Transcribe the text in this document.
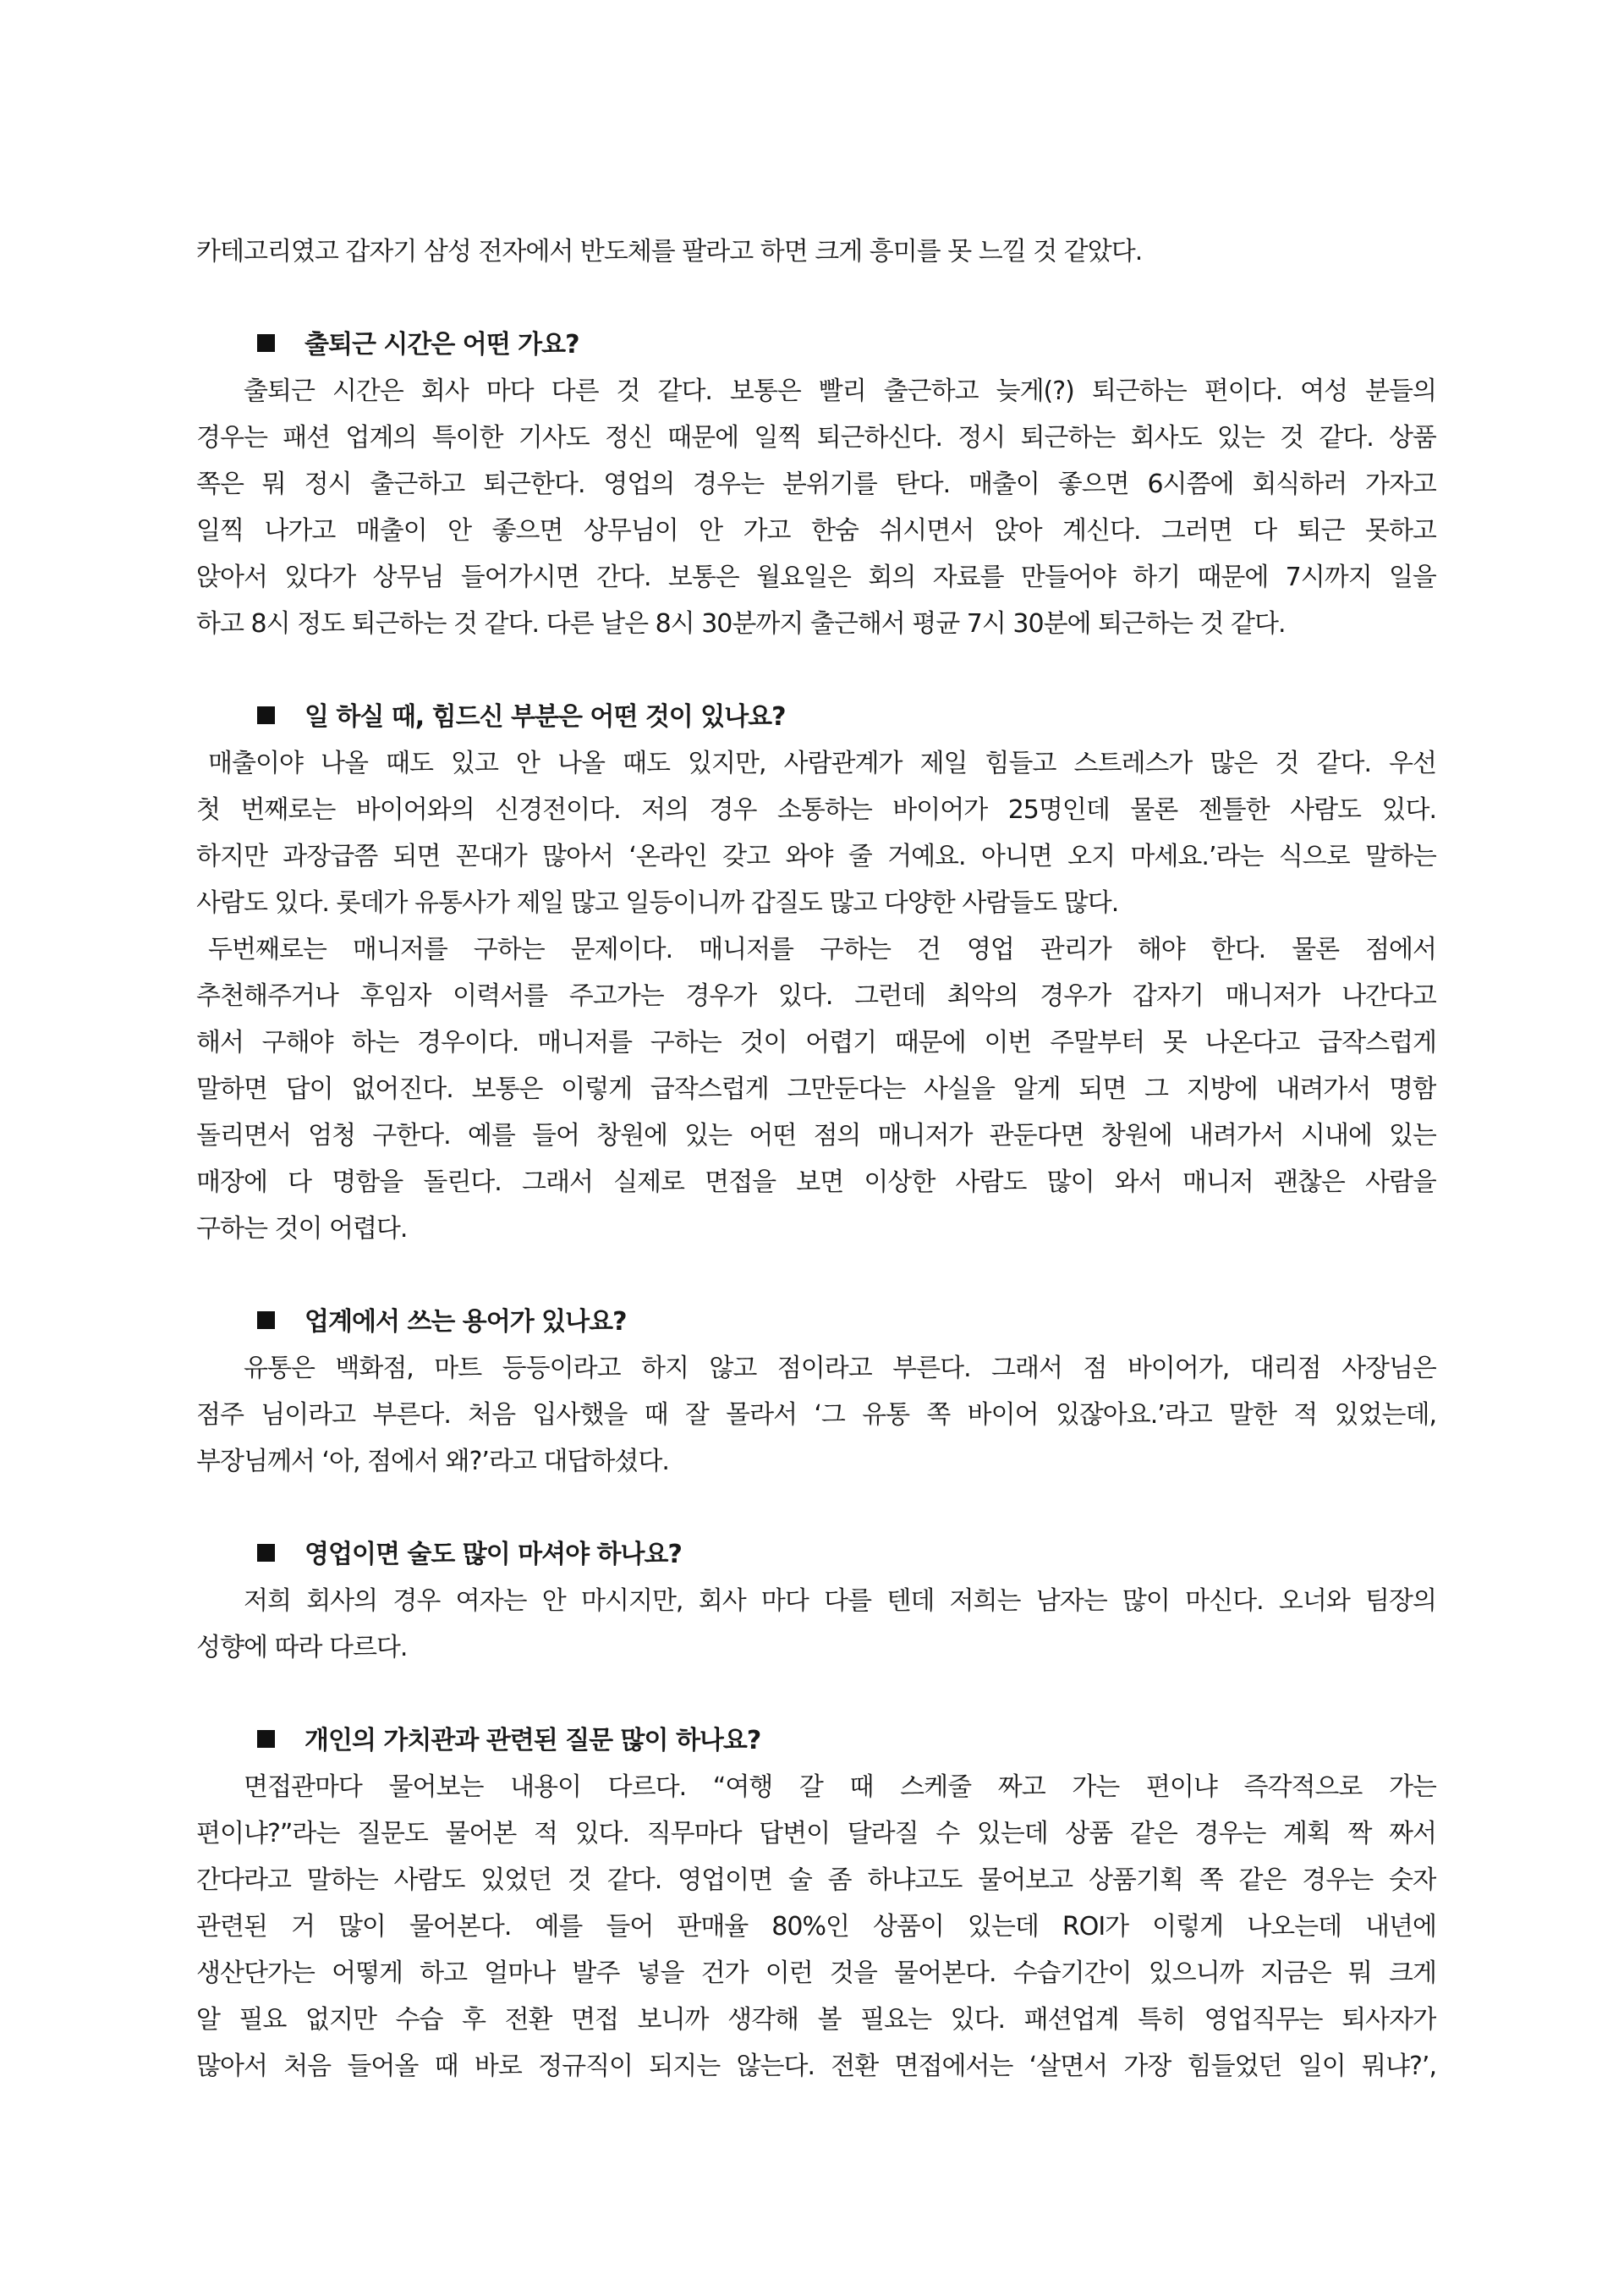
카테고리였고 갑자기 삼성 전자에서 반도체를 팔라고 하면 크게 흥미를 못 느낄 것 같았다.
출퇴근 시간은 어떤 가요?
출퇴근 시간은 회사 마다 다른 것 같다. 보통은 빨리 출근하고 늦게(?) 퇴근하는 편이다. 여성 분들의
경우는 패션 업계의 특이한 기사도 정신 때문에 일찍 퇴근하신다. 정시 퇴근하는 회사도 있는 것 같다. 상품
쪽은 뭐 정시 출근하고 퇴근한다. 영업의 경우는 분위기를 탄다. 매출이 좋으면 6시쯤에 회식하러 가자고
일찍 나가고 매출이 안 좋으면 상무님이 안 가고 한숨 쉬시면서 앉아 계신다. 그러면 다 퇴근 못하고
앉아서 있다가 상무님 들어가시면 간다. 보통은 월요일은 회의 자료를 만들어야 하기 때문에 7시까지 일을
하고 8시 정도 퇴근하는 것 같다. 다른 날은 8시 30분까지 출근해서 평균 7시 30분에 퇴근하는 것 같다.
일 하실 때, 힘드신 부분은 어떤 것이 있나요?
매출이야 나올 때도 있고 안 나올 때도 있지만, 사람관계가 제일 힘들고 스트레스가 많은 것 같다. 우선
첫 번째로는 바이어와의 신경전이다. 저의 경우 소통하는 바이어가 25명인데 물론 젠틀한 사람도 있다.
하지만 과장급쯤 되면 꼰대가 많아서 ‘온라인 갖고 와야 줄 거예요. 아니면 오지 마세요.’라는 식으로 말하는
사람도 있다. 롯데가 유통사가 제일 많고 일등이니까 갑질도 많고 다양한 사람들도 많다.
두번째로는 매니저를 구하는 문제이다. 매니저를 구하는 건 영업 관리가 해야 한다. 물론 점에서
추천해주거나 후임자 이력서를 주고가는 경우가 있다. 그런데 최악의 경우가 갑자기 매니저가 나간다고
해서 구해야 하는 경우이다. 매니저를 구하는 것이 어렵기 때문에 이번 주말부터 못 나온다고 급작스럽게
말하면 답이 없어진다. 보통은 이렇게 급작스럽게 그만둔다는 사실을 알게 되면 그 지방에 내려가서 명함
돌리면서 엄청 구한다. 예를 들어 창원에 있는 어떤 점의 매니저가 관둔다면 창원에 내려가서 시내에 있는
매장에 다 명함을 돌린다. 그래서 실제로 면접을 보면 이상한 사람도 많이 와서 매니저 괜찮은 사람을
구하는 것이 어렵다.
업계에서 쓰는 용어가 있나요?
유통은 백화점, 마트 등등이라고 하지 않고 점이라고 부른다. 그래서 점 바이어가, 대리점 사장님은
점주 님이라고 부른다. 처음 입사했을 때 잘 몰라서 ‘그 유통 쪽 바이어 있잖아요.’라고 말한 적 있었는데,
부장님께서 ‘아, 점에서 왜?’라고 대답하셨다.
영업이면 술도 많이 마셔야 하나요?
저희 회사의 경우 여자는 안 마시지만, 회사 마다 다를 텐데 저희는 남자는 많이 마신다. 오너와 팀장의
성향에 따라 다르다.
개인의 가치관과 관련된 질문 많이 하나요?
면접관마다 물어보는 내용이 다르다. “여행 갈 때 스케줄 짜고 가는 편이냐 즉각적으로 가는
편이냐?”라는 질문도 물어본 적 있다. 직무마다 답변이 달라질 수 있는데 상품 같은 경우는 계획 짝 짜서
간다라고 말하는 사람도 있었던 것 같다. 영업이면 술 좀 하냐고도 물어보고 상품기획 쪽 같은 경우는 숫자
관련된 거 많이 물어본다. 예를 들어 판매율 80%인 상품이 있는데 ROI가 이렇게 나오는데 내년에
생산단가는 어떻게 하고 얼마나 발주 넣을 건가 이런 것을 물어본다. 수습기간이 있으니까 지금은 뭐 크게
알 필요 없지만 수습 후 전환 면접 보니까 생각해 볼 필요는 있다. 패션업계 특히 영업직무는 퇴사자가
많아서 처음 들어올 때 바로 정규직이 되지는 않는다. 전환 면접에서는 ‘살면서 가장 힘들었던 일이 뭐냐?’,
